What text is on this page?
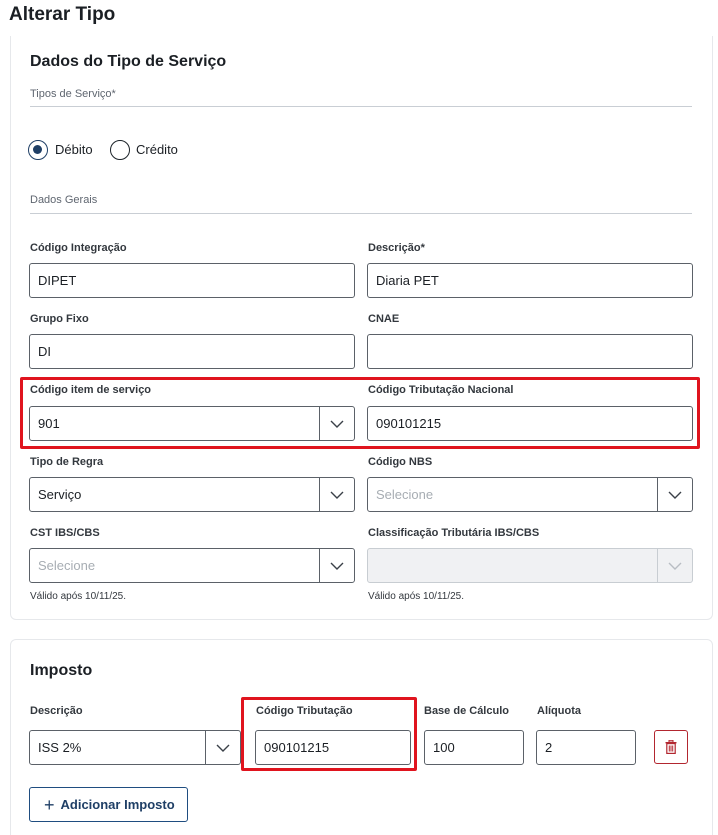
Alterar Tipo
Dados do Tipo de Serviço
Tipos de Serviço*
Débito	Crédito
Dados Gerais
Código Integração
DIPET
Descrição*
Diaria PET
Grupo Fixo
DI
CNAE
Código item de serviço
901
Código Tributação Nacional
090101215
Tipo de Regra
Serviço
Código NBS
Selecione
CST IBS/CBS
Selecione
Válido após 10/11/25.
Classificação Tributária IBS/CBS
Válido após 10/11/25.
Imposto
Descrição	Código Tributação	Base de Cálculo	Alíquota
ISS 2%	090101215	100	2
+ Adicionar Imposto
